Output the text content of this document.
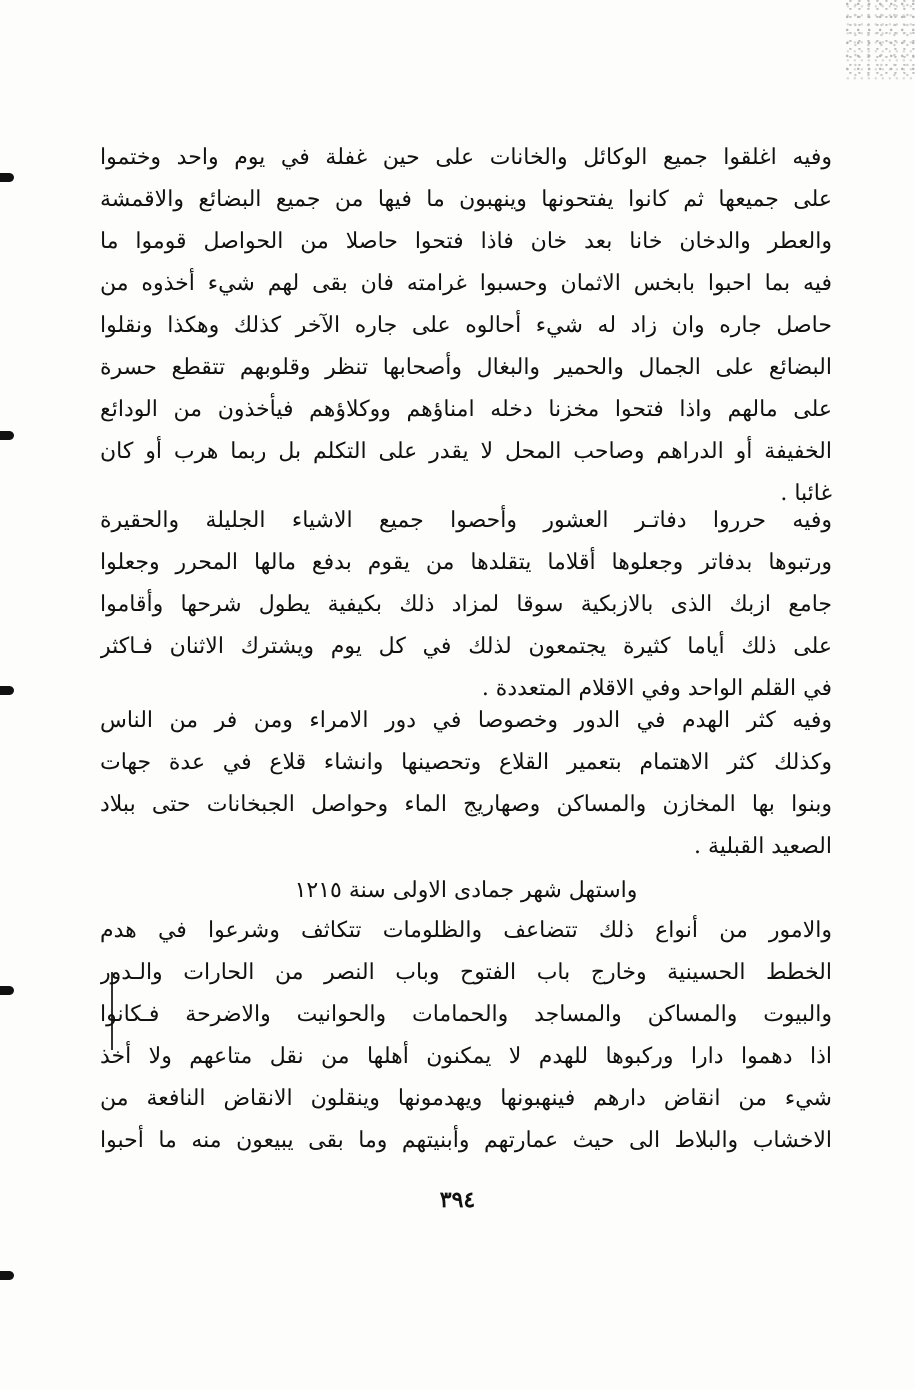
وفيه اغلقوا جميع الوكائل والخانات على حين غفلة في يوم واحد وختموا
على جميعها ثم كانوا يفتحونها وينهبون ما فيها من جميع البضائع والاقمشة
والعطر والدخان خانا بعد خان فاذا فتحوا حاصلا من الحواصل قوموا ما
فيه بما احبوا بابخس الاثمان وحسبوا غرامته فان بقى لهم شيء أخذوه من
حاصل جاره وان زاد له شيء أحالوه على جاره الآخر كذلك وهكذا ونقلوا
البضائع على الجمال والحمير والبغال وأصحابها تنظر وقلوبهم تتقطع حسرة
على مالهم واذا فتحوا مخزنا دخله امناؤهم ووكلاؤهم فيأخذون من الودائع
الخفيفة أو الدراهم وصاحب المحل لا يقدر على التكلم بل ربما هرب أو كان
غائبا .
وفيه حرروا دفاتـر العشور وأحصوا جميع الاشياء الجليلة والحقيرة
ورتبوها بدفاتر وجعلوها أقلاما يتقلدها من يقوم بدفع مالها المحرر وجعلوا
جامع ازبك الذى بالازبكية سوقا لمزاد ذلك بكيفية يطول شرحها وأقاموا
على ذلك أياما كثيرة يجتمعون لذلك في كل يوم ويشترك الاثنان فـاكثر
في القلم الواحد وفي الاقلام المتعددة .
وفيه كثر الهدم في الدور وخصوصا في دور الامراء ومن فر من الناس
وكذلك كثر الاهتمام بتعمير القلاع وتحصينها وانشاء قلاع في عدة جهات
وبنوا بها المخازن والمساكن وصهاريج الماء وحواصل الجبخانات حتى ببلاد
الصعيد القبلية .
واستهل شهر جمادى الاولى سنة ١٢١٥
والامور من أنواع ذلك تتضاعف والظلومات تتكاثف وشرعوا في هدم
الخطط الحسينية وخارج باب الفتوح وباب النصر من الحارات والـدور
والبيوت والمساكن والمساجد والحمامات والحوانيت والاضرحة فـكانوا
اذا دهموا دارا وركبوها للهدم لا يمكنون أهلها من نقل متاعهم ولا أخذ
شيء من انقاض دارهم فينهبونها ويهدمونها وينقلون الانقاض النافعة من
الاخشاب والبلاط الى حيث عمارتهم وأبنيتهم وما بقى يبيعون منه ما أحبوا
٣٩٤
